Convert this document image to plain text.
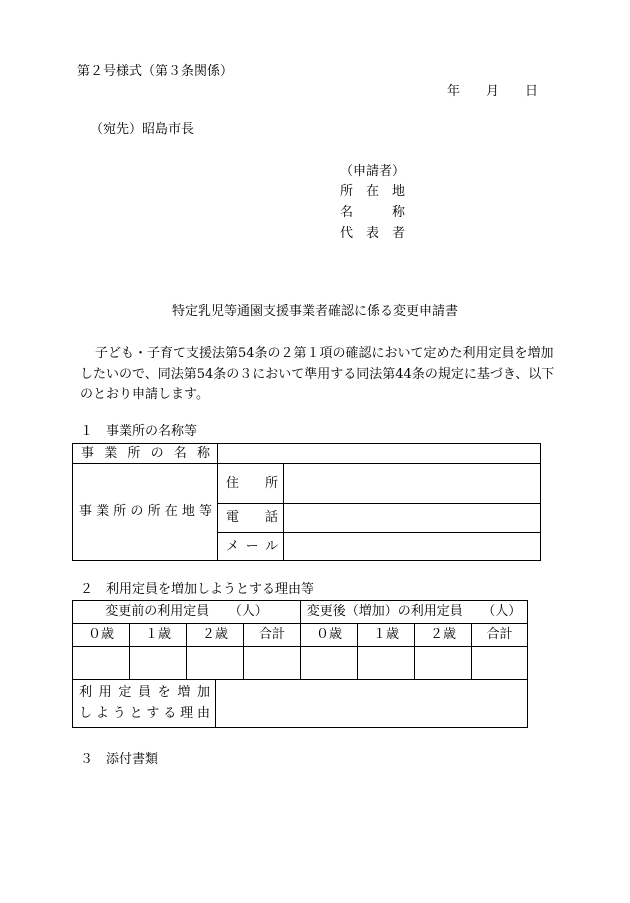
第２号様式（第３条関係）
年　　月　　日
（宛先）昭島市長
（申請者）
所　在　地
名　　　称
代　表　者
特定乳児等通園支援事業者確認に係る変更申請書
子ども・子育て支援法第54条の２第１項の確認において定めた利用定員を増加
したいので、同法第54条の３において準用する同法第44条の規定に基づき、以下
のとおり申請します。
１　事業所の名称等
事業所の名称		
事業所の所在地等	住所	
	電話	
	メール	
２　利用定員を増加しようとする理由等
変更前の利用定員　　（人）				変更後（増加）の利用定員　　（人）			
０歳	１歳	２歳	合計	０歳	１歳	２歳	合計

利用定員を増加
しようとする理由

３　添付書類
